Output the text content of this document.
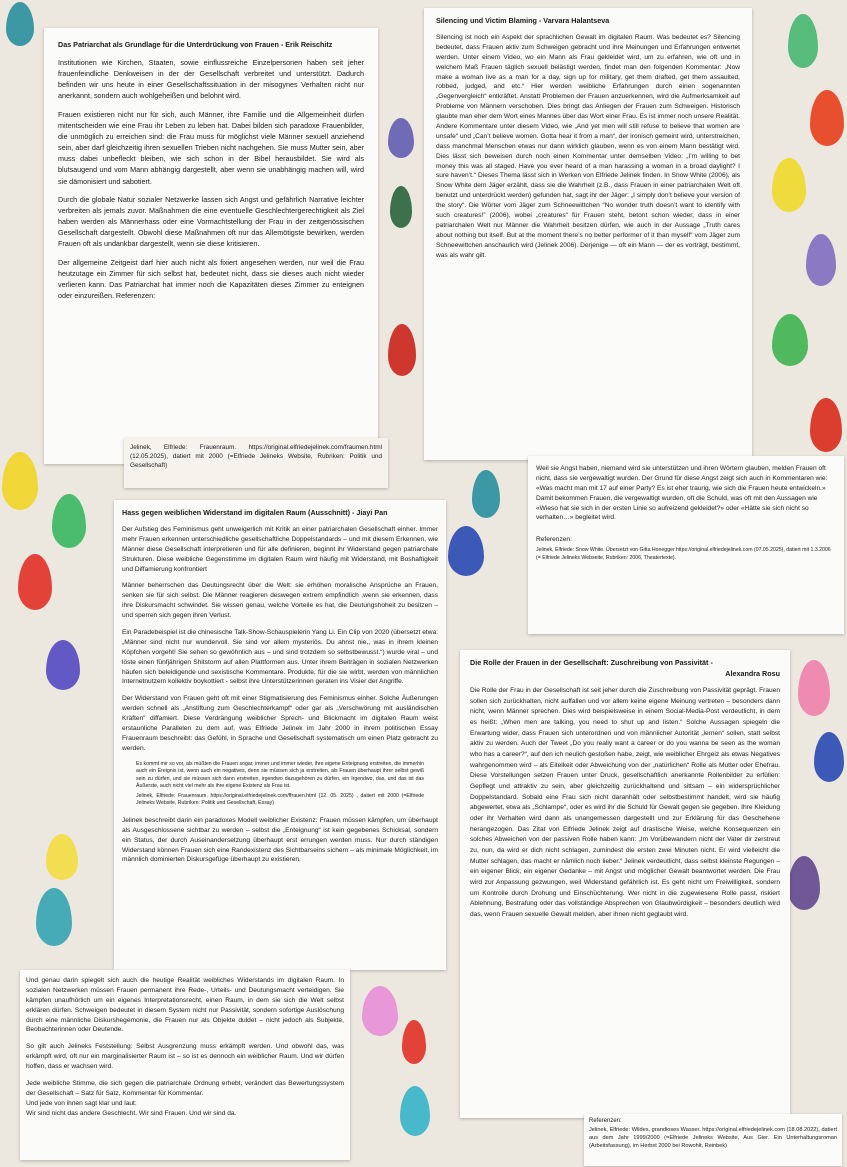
Das Patriarchat als Grundlage für die Unterdrückung von Frauen - Erik Reischitz

Institutionen wie Kirchen, Staaten, sowie einflussreiche Einzelpersonen haben seit jeher frauenfeindliche Denkweisen in der der Gesellschaft verbreitet und unterstützt. Dadurch befinden wir uns heute in einer Gesellschaftssituation in der misogynes Verhalten nicht nur anerkannt, sondern auch wohlgeheißen und belohnt wird.

Frauen existieren nicht nur für sich, auch Männer, ihre Familie und die Allgemeinheit dürfen mitentscheiden wie eine Frau ihr Leben zu leben hat. Dabei bilden sich paradoxe Frauenbilder, die unmöglich zu erreichen sind: die Frau muss für möglichst viele Männer sexuell anziehend sein, aber darf gleichzeitig ihren sexuellen Trieben nicht nachgehen. Sie muss Mutter sein, aber muss dabei unbefleckt bleiben, wie sich schon in der Bibel herausbildet. Sie wird als blutsaugend und vom Mann abhängig dargestellt, aber wenn sie unabhängig machen will, wird sie dämonisiert und sabotiert.

Durch die globale Natur sozialer Netzwerke lassen sich Angst und gefährlich Narrative leichter verbreiten als jemals zuvor. Maßnahmen die eine eventuelle Geschlechtergerechtigkeit als Ziel haben werden als Männerhass oder eine Vormachtstellung der Frau in der zeitgenössischen Gesellschaft dargestellt. Obwohl diese Maßnahmen oft nur das Allemötigste bewirken, werden Frauen oft als undankbar dargestellt, wenn sie diese kritisieren.

Der allgemeine Zeitgeist darf hier auch nicht als fixiert angesehen werden, nur weil die Frau heutzutage ein Zimmer für sich selbst hat, bedeutet nicht, dass sie dieses auch nicht wieder verlieren kann. Das Patriarchat hat immer noch die Kapazitäten dieses Zimmer zu enteignen oder einzureißen. Referenzen:

Jelinek, Elfriede: Frauenraum. https://original.elfriedejelinek.com/fraumen.html (12.05.2025), datiert mit 2000 (=Elfriede Jelineks Website, Rubriken: Politik und Gesellschaft)
Silencing und Victim Blaming - Varvara Halantseva
Silencing ist noch ein Aspekt der sprachlichen Gewalt im digitalen Raum. Was bedeutet es? Silencing bedeutet, dass Frauen aktiv zum Schweigen gebracht und ihre Meinungen und Erfahrungen entwertet werden. Unter einem Video, wo ein Mann als Frau gekleidet wird, um zu erfahren, wie oft und in welchem Maß Frauen täglich sexuell belästigt werden, findet man den folgenden Kommentar: „Now make a woman live as a man for a day, sign up for military, get them drafted, get them assaulted, robbed, judged, and etc.“ Hier werden weibliche Erfahrungen durch einen sogenannten „Gegenvergleich“ entkräftet. Anstatt Problemen der Frauen anzuerkennen, wird die Aufmerksamkeit auf Probleme von Männern verschoben. Dies bringt das Anliegen der Frauen zum Schweigen. Historisch glaubte man eher dem Wort eines Mannes über das Wort einer Frau. Es ist immer noch unsere Realität. Andere Kommentare unter diesem Video, wie „And yet men will still refuse to believe that women are unsafe“ und „Can’t believe women. Gotta hear it from a man“, der ironisch gemeint wird, unterstreichen, dass manchmal Menschen etwas nur dann wirklich glauben, wenn es von einem Mann bestätigt wird. Dies lässt sich beweisen durch noch einen Kommentar unter demselben Video: „I’m willing to bet money this was all staged. Have you ever heard of a man harassing a woman in a broad daylight? I sure haven’t.“ Dieses Thema lässt sich in Werken von Elfriede Jelinek finden. In Snow White (2006), als Snow White dem Jäger erzählt, dass sie die Wahrheit (z.B., dass Frauen in einer patriarchalen Welt oft benutzt und unterdrückt werden) gefunden hat, sagt ihr der Jäger: „I simply don’t believe your version of the story“. Die Wörter vom Jäger zum Schneewittchen “No wonder truth doesn’t want to identify with such creatures!” (2006), wobei „creatures“ für Frauen steht, betont schon wieder, dass in einer patriarchalen Welt nur Männer die Wahrheit besitzen dürfen, wie auch in der Aussage „Truth cares about nothing but itself. But at the moment there’s no better performer of it than myself“ vom Jäger zum Schneewittchen anschaulich wird (Jelinek 2006). Derjenige — oft ein Mann — der es vorträgt, bestimmt, was als wahr gilt.

Weil sie Angst haben, niemand wird sie unterstützen und ihren Wörtern glauben, melden Frauen oft nicht, dass sie vergewaltigt wurden. Der Grund für diese Angst zeigt sich auch in Kommentaren wie: «Was macht man mit 17 auf einer Party? Es ist eher traurig, wie sich die Frauen heute entwickeln.» Damit bekommen Frauen, die vergewaltigt wurden, oft die Schuld, was oft mit den Aussagen wie «Wieso hat sie sich in der ersten Linie so aufreizend gekleidet?» oder «Hätte sie sich nicht so verhalten…» begleitet wird.

Referenzen:

Jelinek, Elfriede: Snow White. Übersetzt von Gitta Honegger.https://original.elfriedejelinek.com (07.05.2025), datiert mit 1.3.2006 (= Elfriede Jelineks Webseite, Rubriken: 2006, Theatertexte).

Hass gegen weiblichen Widerstand im digitalen Raum (Ausschnitt) - Jiayi Pan

Der Aufstieg des Feminismus geht unweigerlich mit Kritik an einer patriarchalen Gesellschaft einher. Immer mehr Frauen erkennen unterschiedliche gesellschaftliche Doppelstandards – und mit diesem Erkennen, wie Männer diese Gesellschaft interpretieren und für alle definieren, beginnt ihr Widerstand gegen patriarchale Strukturen. Diese weibliche Gegenstimme im digitalen Raum wird häufig mit Widerstand, mit Boshaftigkeit und Diffamierung konfrontiert

Männer beherrschen das Deutungsrecht über die Welt: sie erhöhen moralische Ansprüche an Frauen, senken sie für sich selbst. Die Männer reagieren deswegen extrem empfindlich ,wenn sie erkennen, dass ihre Diskursmacht schwindet. Sie wissen genau, welche Vorteile es hat, die Deutungshoheit zu besitzen – und sperren sich gegen ihren Verlust.

Ein Paradebeispiel ist die chinesische Talk-Show-Schauspielerin Yang Li. Ein Clip von 2020 (übersetzt etwa: „Männer sind nicht nur wundervoll. Sie sind vor allem mysteriös. Du ahnst nie,, was in ihrem kleinen Köpfchen vorgeht! Sie sehen so gewöhnlich aus – und sind trotzdem so selbstbewusst.“) wurde viral – und löste einen fünfjährigen Shitstorm auf allen Plattformen aus. Unter ihrem Beiträgen in sozialen Netzwerken häufen sich beleidigende und sexistische Kommentare. Produkte, für die sie wirbt, werden von männlichen Internetnutzern kollektiv boykottiert - selbst ihre Unterstützerinnen geraten ins Visier der Angriffe.

Der Widerstand von Frauen geht oft mit einer Stigmatisierung des Feminismus einher. Solche Äußerungen werden schnell als „Anstiftung zum Geschlechterkampf“ oder gar als „Verschwörung mit ausländischen Kräften“ diffamiert. Diese Verdrängung weiblicher Sprech- und Blickmacht im digitalen Raum weist erstaunliche Parallelen zu dem auf, was Elfriede Jelinek im Jahr 2000 in ihrem politischen Essay Frauenraum beschreibt: das Gefühl, in Sprache und Gesellschaft systematisch um einen Platz gebracht zu werden.

Es kommt mir so vor, als müßten die Frauen sogar, immer und immer wieder, ihre eigene Enteignung erstreiten, die immerhin auch ein Ereignis ist, wenn auch ein negatives, denn sie müssen sich ja erstreiten, als Frauen überhaupt ihrer selbst gewiß sein zu dürfen, und sie müssen sich dann erstreiten, irgendwo dazugehören zu dürfen, ein Irgendwo, das, und das ist das Äußerste, auch nicht viel mehr als ihre eigene Existenz als Frau ist.

Jelinek, Elfriede: Frauenraum. https://original.elfriedejelinek.com/ffrauen.html (12. 05. 2025) , datiert mit 2000 (=Elfriede Jelineks Website, Rubriken: Politik und Gesellschaft, Essay)

Jelinek beschreibt darin ein paradoxes Modell weiblicher Existenz: Frauen müssen kämpfen, um überhaupt als Ausgeschlossene sichtbar zu werden – selbst die „Enteignung“ ist kein gegebenes Schicksal, sondern ein Status, der durch Auseinandersetzung überhaupt erst errungen werden muss. Nur durch ständigen Widerstand können Frauen sich eine Randexistenz des Sichtbarseins sichern – als minimale Möglichkeit, im männlich dominierten Diskursgefüge überhaupt zu existieren.

Und genau darin spiegelt sich auch die heutige Realität weibliches Widerstands im digitalen Raum. In sozialen Netzwerken müssen Frauen permanent ihre Rede-, Urteils- und Deutungsmacht verteidigen. Sie kämpfen unaufhörlich um ein eigenes Interpretationsrecht, einen Raum, in dem sie sich die Welt selbst erklären dürfen. Schweigen bedeutet in diesem System nicht nur Passivität, sondern sofortige Auslöschung durch eine männliche Diskurshegemonie, die Frauen nur als Objekte duldet – nicht jedoch als Subjekte, Beobachterinnen oder Deutende.

So gilt auch Jelineks Feststellung: Selbst Ausgrenzung muss erkämpft werden. Und obwohl das, was erkämpft wird, oft nur ein marginalisierter Raum ist – so ist es dennoch ein weiblicher Raum. Und wir dürfen hoffen, dass er wachsen wird.

Jede weibliche Stimme, die sich gegen die patriarchale Ordnung erhebt, verändert das Bewertungssystem der Gesellschaft – Satz für Satz, Kommentar für Kommentar.
Und jede von ihnen sagt klar und laut:
Wir sind nicht das andere Geschlecht. Wir sind Frauen. Und wir sind da.

Die Rolle der Frauen in der Gesellschaft: Zuschreibung von Passivität -
Alexandra Rosu
Die Rolle der Frau in der Gesellschaft ist seit jeher durch die Zuschreibung von Passivität geprägt. Frauen sollen sich zurückhalten, nicht auffallen und vor allem keine eigene Meinung vertreten – besonders dann nicht, wenn Männer sprechen. Dies wird beispielsweise in einem Social-Media-Post verdeutlicht, in dem es heißt: „When men are talking, you need to shut up and listen.“ Solche Aussagen spiegeln die Erwartung wider, dass Frauen sich unterordnen und von männlicher Autorität „lernen“ sollen, statt selbst aktiv zu werden. Auch der Tweet „Do you really want a career or do you wanna be seen as the woman who has a career?“, auf den ich neulich gestoßen habe, zeigt, wie weiblicher Ehrgeiz als etwas Negatives wahrgenommen wird – als Eitelkeit oder Abweichung von der „natürlichen“ Rolle als Mutter oder Ehefrau. Diese Vorstellungen setzen Frauen unter Druck, gesellschaftlich anerkannte Rollenbilder zu erfüllen: Gepflegt und attraktiv zu sein, aber gleichzeitig zurückhaltend und sittsam – ein widersprüchlicher Doppelstandard. Sobald eine Frau sich nicht daranhält oder selbstbestimmt handelt, wird sie häufig abgewertet, etwa als „Schlampe“, oder es wird ihr die Schuld für Gewalt gegen sie gegeben. Ihre Kleidung oder ihr Verhalten wird dann als unangemessen dargestellt und zur Erklärung für das Geschehene herangezogen. Das Zitat von Elfriede Jelinek zeigt auf drastische Weise, welche Konsequenzen ein solches Abweichen von der passiven Rolle haben kann: „Im Vorübewandern nicht der Vater dir zerstreut zu, nun, da wird er dich nicht schlagen, zumindest die ersten zwei Minuten nicht. Er wird vielleicht die Mutter schlagen, das macht er nämlich noch lieber.“ Jelinek verdeutlicht, dass selbst kleinste Regungen – ein eigener Blick, ein eigener Gedanke – mit Angst und möglicher Gewalt beantwortet werden. Die Frau wird zur Anpassung gezwungen, weil Widerstand gefährlich ist. Es geht nicht um Freiwilligkeit, sondern um Kontrolle durch Drohung und Einschüchterung. Wer nicht in die zugewiesene Rolle passt, riskiert Ablehnung, Bestrafung oder das vollständige Absprechen von Glaubwürdigkeit – besonders deutlich wird das, wenn Frauen sexuelle Gewalt melden, aber ihnen nicht geglaubt wird.
Referenzen:
Jelinek, Elfriede: Wildes, grandioses Wasser. https://original.elfriedejelinek.com (18.08.2022), datiert aus dem Jahr 1999/2000 (=Elfriede Jelineks Website, Aus Gier. Ein Unterhaltungsroman (Arbeitsfassung), im Herbst 2000 bei Rowohlt, Reinbek)
